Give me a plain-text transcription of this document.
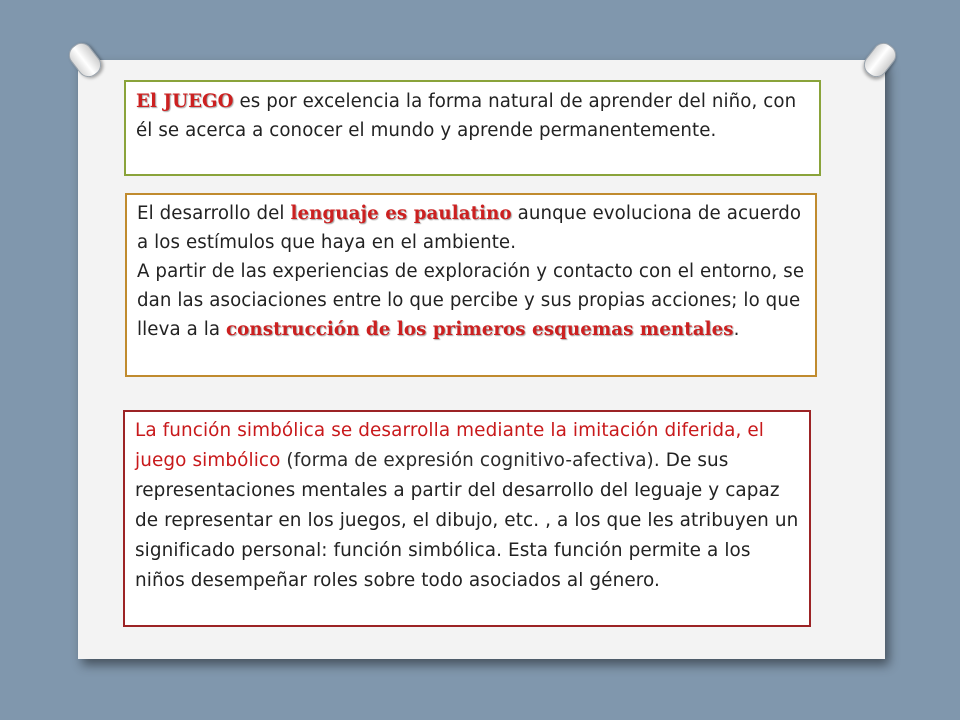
El JUEGO es por excelencia la forma natural de aprender del niño, con él se acerca a conocer el mundo y aprende permanentemente.

El desarrollo del lenguaje es paulatino aunque evoluciona de acuerdo a los estímulos que haya en el ambiente.

A partir de las experiencias de exploración y contacto con el entorno, se dan las asociaciones entre lo que percibe y sus propias acciones; lo que lleva a la construcción de los primeros esquemas mentales.

La función simbólica se desarrolla mediante la imitación diferida, el juego simbólico (forma de expresión cognitivo-afectiva). De sus representaciones mentales a partir del desarrollo del leguaje y capaz de representar en los juegos, el dibujo, etc. , a los que les atribuyen un significado personal: función simbólica. Esta función permite a los niños desempeñar roles sobre todo asociados al género.
